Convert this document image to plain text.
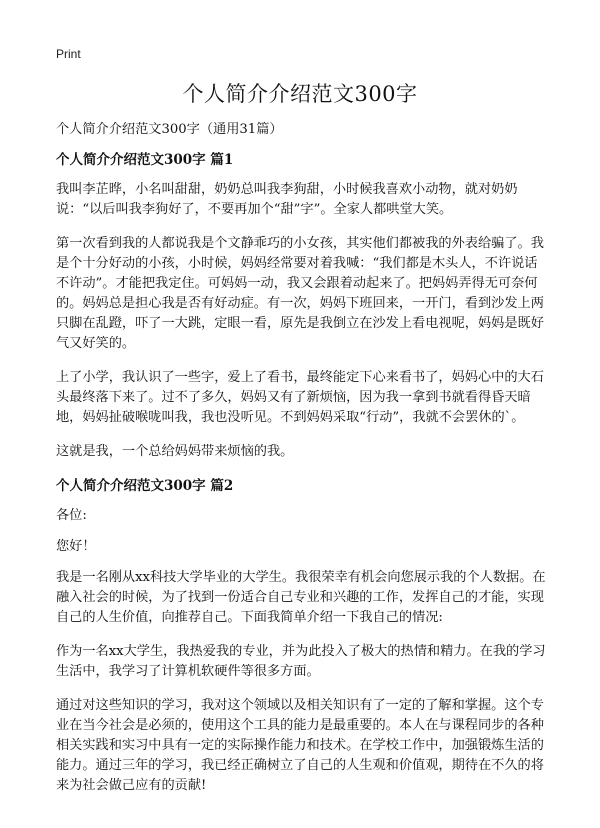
Print
个人简介介绍范文300字

个人简介介绍范文300字（通用31篇）

个人简介介绍范文300字 篇1

我叫李芷晔，小名叫甜甜，奶奶总叫我李狗甜，小时候我喜欢小动物，就对奶奶说：“以后叫我李狗好了，不要再加个“甜”字”。全家人都哄堂大笑。

第一次看到我的人都说我是个文静乖巧的小女孩，其实他们都被我的外表给骗了。我是个十分好动的小孩，小时候，妈妈经常要对着我喊：“我们都是木头人，不许说话不许动”。才能把我定住。可妈妈一动，我又会跟着动起来了。把妈妈弄得无可奈何的。妈妈总是担心我是否有好动症。有一次，妈妈下班回来，一开门，看到沙发上两只脚在乱蹬，吓了一大跳，定眼一看，原先是我倒立在沙发上看电视呢，妈妈是既好气又好笑的。

上了小学，我认识了一些字，爱上了看书，最终能定下心来看书了，妈妈心中的大石头最终落下来了。过不了多久，妈妈又有了新烦恼，因为我一拿到书就看得昏天暗地，妈妈扯破喉咙叫我，我也没听见。不到妈妈采取“行动”，我就不会罢休的`。

这就是我，一个总给妈妈带来烦恼的我。

个人简介介绍范文300字 篇2

各位:

您好！

我是一名刚从xx科技大学毕业的大学生。我很荣幸有机会向您展示我的个人数据。在融入社会的时候，为了找到一份适合自己专业和兴趣的工作，发挥自己的才能，实现自己的人生价值，向推荐自己。下面我简单介绍一下我自己的情况:

作为一名xx大学生，我热爱我的专业，并为此投入了极大的热情和精力。在我的学习生活中，我学习了计算机软硬件等很多方面。

通过对这些知识的学习，我对这个领域以及相关知识有了一定的了解和掌握。这个专业在当今社会是必须的，使用这个工具的能力是最重要的。本人在与课程同步的各种相关实践和实习中具有一定的实际操作能力和技术。在学校工作中，加强锻炼生活的能力。通过三年的学习，我已经正确树立了自己的人生观和价值观，期待在不久的将来为社会做己应有的贡献!
